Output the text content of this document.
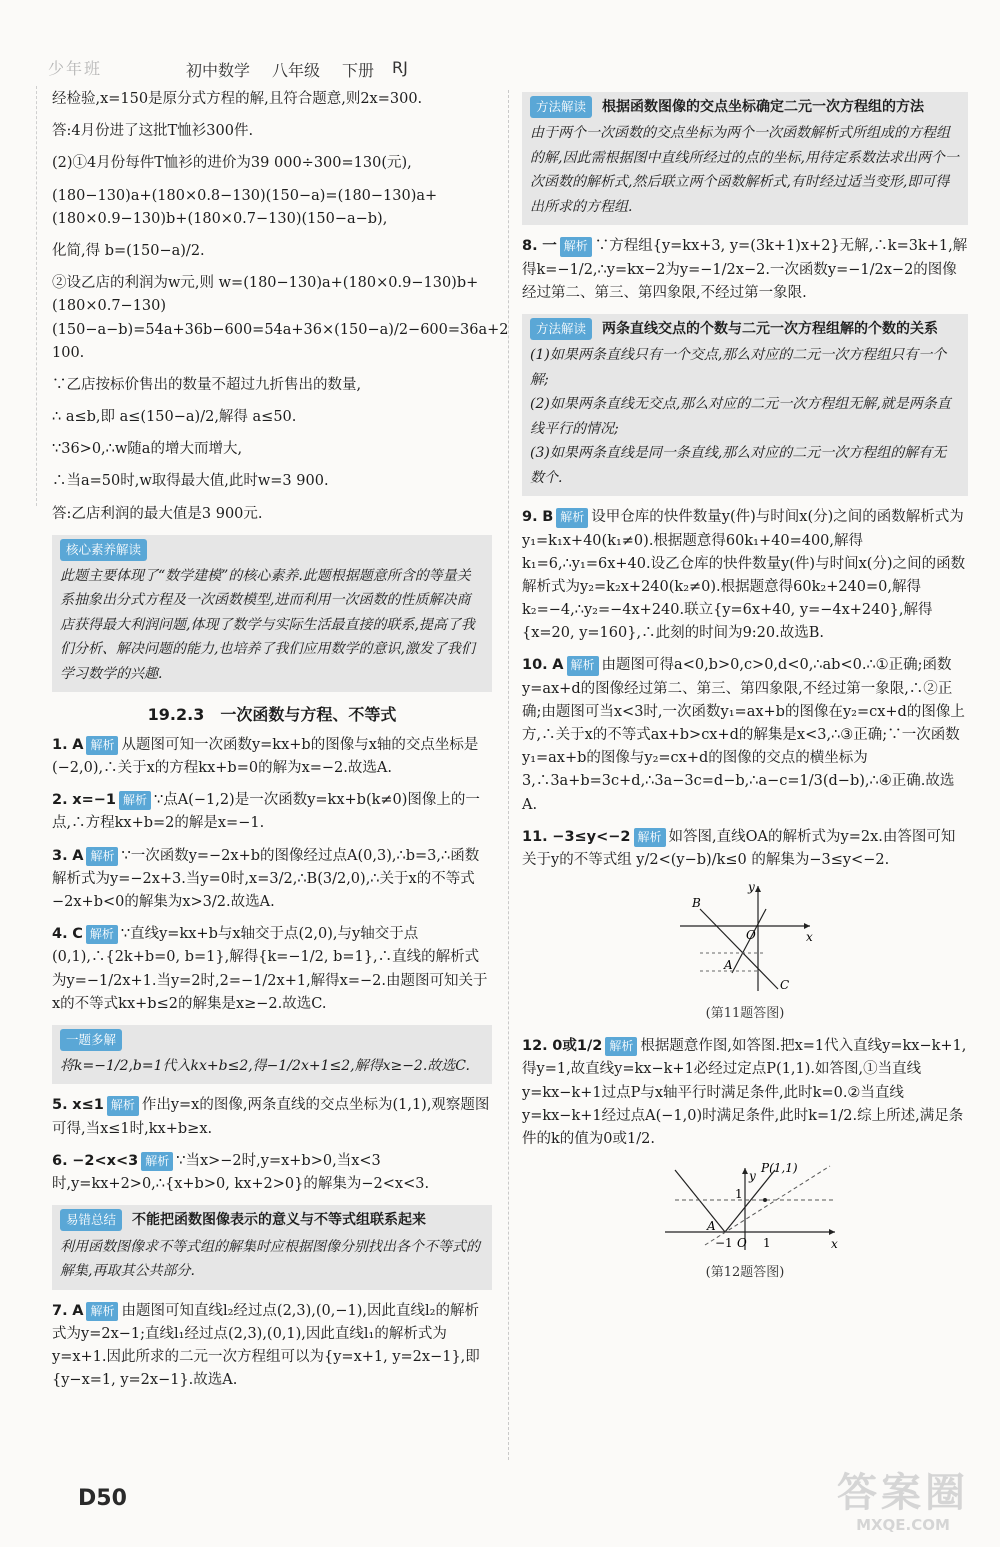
少年班	初中数学 八年级 下册 RJ

经检验,x=150是原分式方程的解,且符合题意,则2x=300.

答:4月份进了这批T恤衫300件.

(2)①4月份每件T恤衫的进价为39 000÷300=130(元),

(180−130)a+(180×0.8−130)(150−a)=(180−130)a+(180×0.9−130)b+(180×0.7−130)(150−a−b),

化简,得 b=(150−a)/2.

②设乙店的利润为w元,则 w=(180−130)a+(180×0.9−130)b+(180×0.7−130)(150−a−b)=54a+36b−600=54a+36×(150−a)/2−600=36a+2 100.

∵乙店按标价售出的数量不超过九折售出的数量,

∴ a≤b,即 a≤(150−a)/2,解得 a≤50.

∵36>0,∴w随a的增大而增大,

∴当a=50时,w取得最大值,此时w=3 900.

答:乙店利润的最大值是3 900元.

核心素养解读
此题主要体现了“数学建模”的核心素养.此题根据题意所含的等量关系抽象出分式方程及一次函数模型,进而利用一次函数的性质解决商店获得最大利润问题,体现了数学与实际生活最直接的联系,提高了我们分析、解决问题的能力,也培养了我们应用数学的意识,激发了我们学习数学的兴趣.
19.2.3　一次函数与方程、不等式

1. A 解析 从题图可知一次函数y=kx+b的图像与x轴的交点坐标是(−2,0),∴关于x的方程kx+b=0的解为x=−2.故选A.

2. x=−1 解析 ∵点A(−1,2)是一次函数y=kx+b(k≠0)图像上的一点,∴方程kx+b=2的解是x=−1.

3. A 解析 ∵一次函数y=−2x+b的图像经过点A(0,3),∴b=3,∴函数解析式为y=−2x+3.当y=0时,x=3/2,∴B(3/2,0),∴关于x的不等式−2x+b<0的解集为x>3/2.故选A.

4. C 解析 ∵直线y=kx+b与x轴交于点(2,0),与y轴交于点(0,1),∴{2k+b=0, b=1},解得{k=−1/2, b=1},∴直线的解析式为y=−1/2x+1.当y=2时,2=−1/2x+1,解得x=−2.由题图可知关于x的不等式kx+b≤2的解集是x≥−2.故选C.

一题多解
将k=−1/2,b=1代入kx+b≤2,得−1/2x+1≤2,解得x≥−2.故选C.

5. x≤1 解析 作出y=x的图像,两条直线的交点坐标为(1,1),观察题图可得,当x≤1时,kx+b≥x.

6. −2<x<3 解析 ∵当x>−2时,y=x+b>0,当x<3时,y=kx+2>0,∴{x+b>0, kx+2>0}的解集为−2<x<3.

易错总结	不能把函数图像表示的意义与不等式组联系起来
利用函数图像求不等式组的解集时应根据图像分别找出各个不等式的解集,再取其公共部分.

7. A 解析 由题图可知直线l₂经过点(2,3),(0,−1),因此直线l₂的解析式为y=2x−1;直线l₁经过点(2,3),(0,1),因此直线l₁的解析式为y=x+1.因此所求的二元一次方程组可以为{y=x+1, y=2x−1},即{y−x=1, y=2x−1}.故选A.

方法解读	根据函数图像的交点坐标确定二元一次方程组的方法
由于两个一次函数的交点坐标为两个一次函数解析式所组成的方程组的解,因此需根据图中直线所经过的点的坐标,用待定系数法求出两个一次函数的解析式,然后联立两个函数解析式,有时经过适当变形,即可得出所求的方程组.

8. 一 解析 ∵方程组{y=kx+3, y=(3k+1)x+2}无解,∴k=3k+1,解得k=−1/2,∴y=kx−2为y=−1/2x−2.一次函数y=−1/2x−2的图像经过第二、第三、第四象限,不经过第一象限.

方法解读	两条直线交点的个数与二元一次方程组解的个数的关系
(1)如果两条直线只有一个交点,那么对应的二元一次方程组只有一个解;
(2)如果两条直线无交点,那么对应的二元一次方程组无解,就是两条直线平行的情况;
(3)如果两条直线是同一条直线,那么对应的二元一次方程组的解有无数个.

9. B 解析 设甲仓库的快件数量y(件)与时间x(分)之间的函数解析式为y₁=k₁x+40(k₁≠0).根据题意得60k₁+40=400,解得k₁=6,∴y₁=6x+40.设乙仓库的快件数量y(件)与时间x(分)之间的函数解析式为y₂=k₂x+240(k₂≠0).根据题意得60k₂+240=0,解得k₂=−4,∴y₂=−4x+240.联立{y=6x+40, y=−4x+240},解得{x=20, y=160},∴此刻的时间为9:20.故选B.

10. A 解析 由题图可得a<0,b>0,c>0,d<0,∴ab<0.∴①正确;函数y=ax+d的图像经过第二、第三、第四象限,不经过第一象限,∴②正确;由题图可当x<3时,一次函数y₁=ax+b的图像在y₂=cx+d的图像上方,∴关于x的不等式ax+b>cx+d的解集是x<3,∴③正确;∵一次函数y₁=ax+b的图像与y₂=cx+d的图像的交点的横坐标为3,∴3a+b=3c+d,∴3a−3c=d−b,∴a−c=1/3(d−b),∴④正确.故选A.

11. −3≤y<−2 解析 如答图,直线OA的解析式为y=2x.由答图可知关于y的不等式组 y/2<(y−b)/k≤0 的解集为−3≤y<−2.

y
x
B
O
A
C
(第11题答图)

12. 0或1/2 解析 根据题意作图,如答图.把x=1代入直线y=kx−k+1,得y=1,故直线y=kx−k+1必经过定点P(1,1).如答图,①当直线y=kx−k+1过点P与x轴平行时满足条件,此时k=0.②当直线y=kx−k+1经过点A(−1,0)时满足条件,此时k=1/2.综上所述,满足条件的k的值为0或1/2.

P(1,1)
y
1
A
−1 O 1	x
(第12题答图)
D50	答案圈
MXQE.COM
